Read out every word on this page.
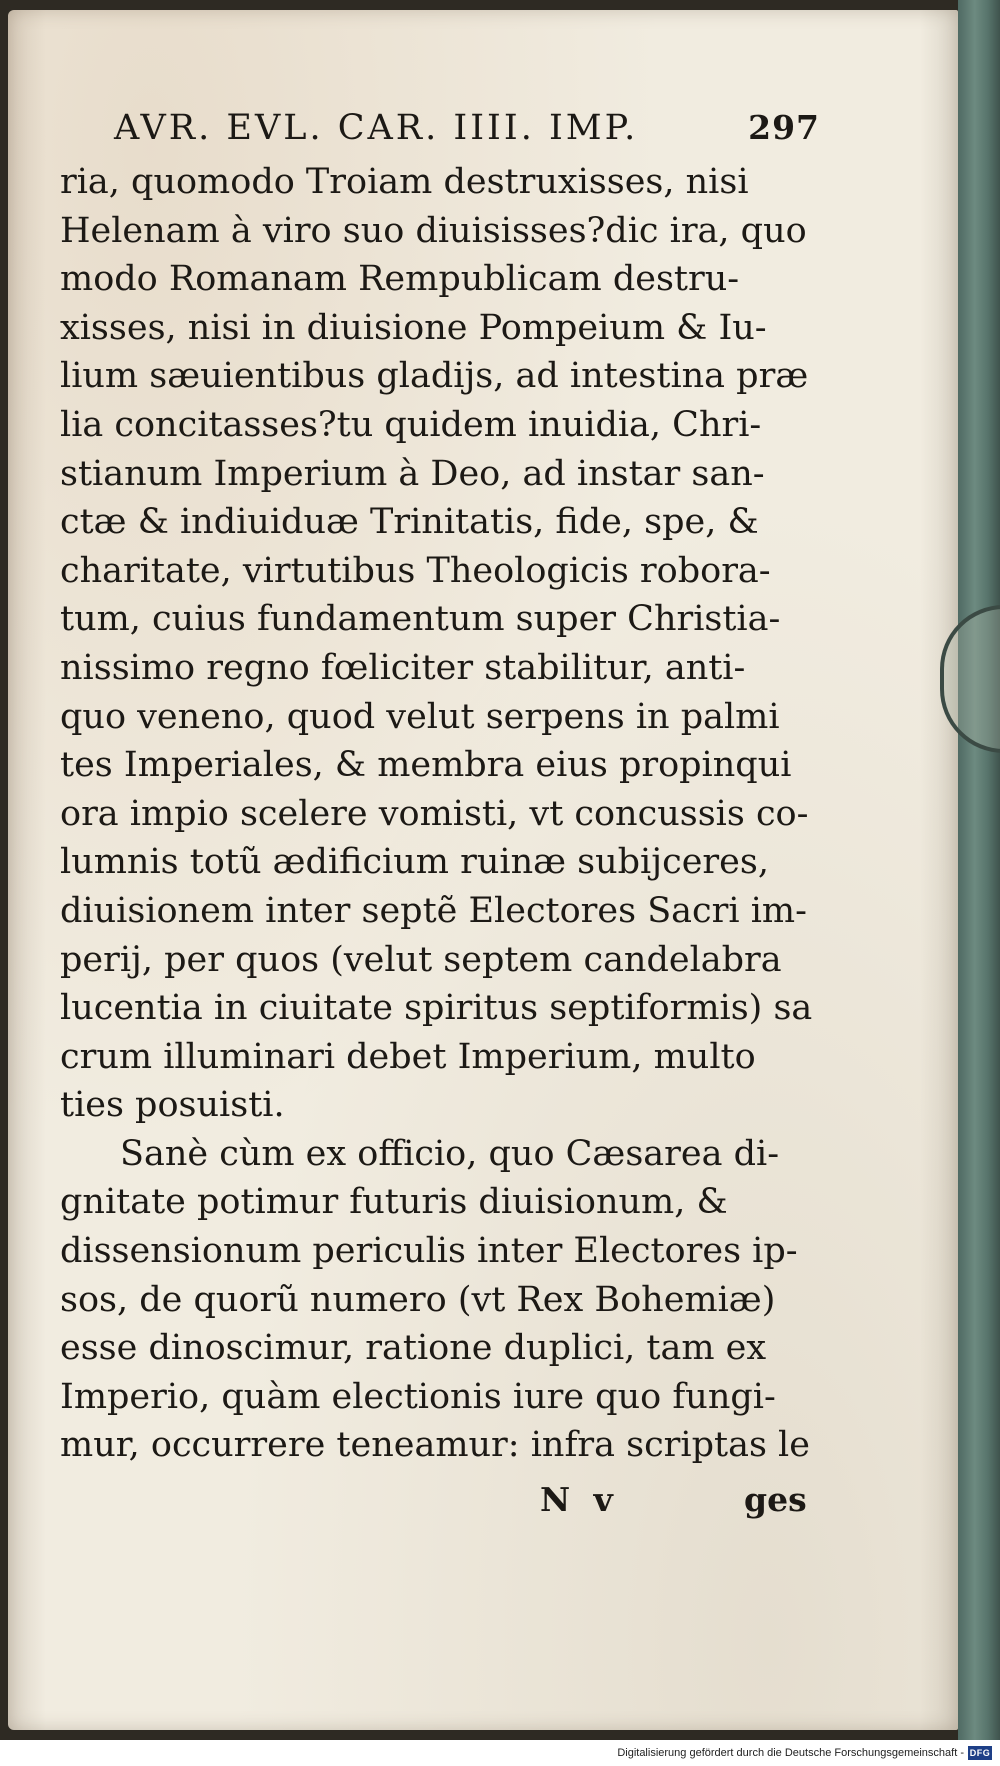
AVR. EVL. CAR. IIII. IMP.	297
ria, quomodo Troiam destruxisses, nisi
Helenam à viro suo diuisisses?dic ira, quo
modo Romanam Rempublicam destru-
xisses, nisi in diuisione Pompeium & Iu-
lium sæuientibus gladijs, ad intestina præ
lia concitasses?tu quidem inuidia, Chri-
stianum Imperium à Deo, ad instar san-
ctæ & indiuiduæ Trinitatis, fide, spe, &
charitate, virtutibus Theologicis robora-
tum, cuius fundamentum super Christia-
nissimo regno fœliciter stabilitur, anti-
quo veneno, quod velut serpens in palmi
tes Imperiales, & membra eius propinqui
ora impio scelere vomisti, vt concussis co-
lumnis totũ ædificium ruinæ subijceres,
diuisionem inter septẽ Electores Sacri im-
perij, per quos (velut septem candelabra
lucentia in ciuitate spiritus septiformis) sa
crum illuminari debet Imperium, multo
ties posuisti.
Sanè cùm ex officio, quo Cæsarea di-
gnitate potimur futuris diuisionum, &
dissensionum periculis inter Electores ip-
sos, de quorũ numero (vt Rex Bohemiæ)
esse dinoscimur, ratione duplici, tam ex
Imperio, quàm electionis iure quo fungi-
mur, occurrere teneamur: infra scriptas le
N v	ges
Digitalisierung gefördert durch die Deutsche Forschungsgemeinschaft - DFG
